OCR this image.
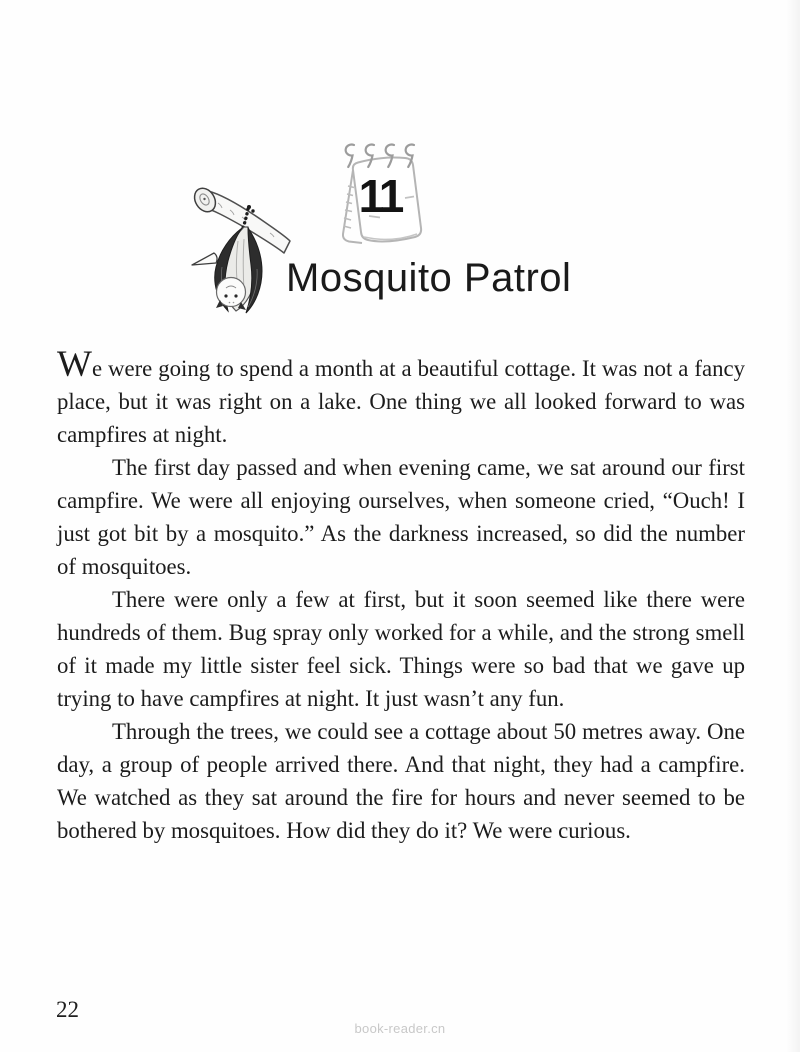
11
Mosquito Patrol

We were going to spend a month at a beautiful cottage. It was not a fancy place, but it was right on a lake. One thing we all looked forward to was campfires at night.

The first day passed and when evening came, we sat around our first campfire. We were all enjoying ourselves, when someone cried, “Ouch! I just got bit by a mosquito.” As the darkness increased, so did the number of mosquitoes.

There were only a few at first, but it soon seemed like there were hundreds of them. Bug spray only worked for a while, and the strong smell of it made my little sister feel sick. Things were so bad that we gave up trying to have campfires at night. It just wasn’t any fun.

Through the trees, we could see a cottage about 50 metres away. One day, a group of people arrived there. And that night, they had a campfire. We watched as they sat around the fire for hours and never seemed to be bothered by mosquitoes. How did they do it? We were curious.

22
book-reader.cn
